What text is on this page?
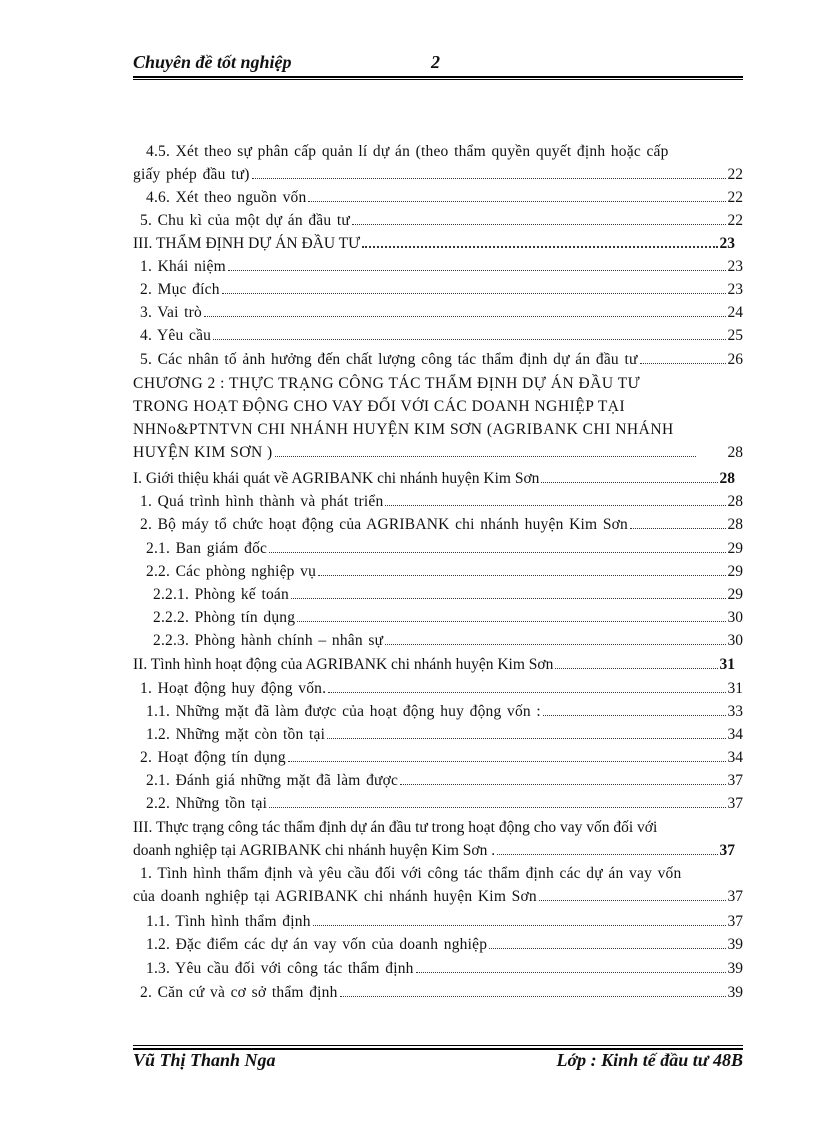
Chuyên đề tốt nghiệp	2
4.5. Xét theo sự phân cấp quản lí dự án (theo thẩm quyền quyết định hoặc cấp
giấy phép đầu tư)	22
4.6. Xét theo nguồn vốn	22
5. Chu kì của một dự án đầu tư	22
III. THẨM ĐỊNH DỰ ÁN ĐẦU TƯ	23
1. Khái niệm	23
2. Mục đích	23
3. Vai trò	24
4. Yêu cầu	25
5. Các nhân tố ảnh hưởng đến chất lượng công tác thẩm định dự án đầu tư	26
CHƯƠNG 2 : THỰC TRẠNG CÔNG TÁC THẨM ĐỊNH DỰ ÁN ĐẦU TƯ
TRONG HOẠT ĐỘNG CHO VAY ĐỐI VỚI CÁC DOANH NGHIỆP TẠI
NHNo&PTNTVN CHI NHÁNH HUYỆN KIM SƠN (AGRIBANK CHI NHÁNH
HUYỆN KIM SƠN )	28
I. Giới thiệu khái quát về AGRIBANK chi nhánh huyện Kim Sơn	28
1. Quá trình hình thành và phát triển	28
2. Bộ máy tổ chức hoạt động của AGRIBANK chi nhánh huyện Kim Sơn	28
2.1. Ban giám đốc	29
2.2. Các phòng nghiệp vụ	29
2.2.1. Phòng kế toán	29
2.2.2. Phòng tín dụng	30
2.2.3. Phòng hành chính – nhân sự	30
II. Tình hình hoạt động của AGRIBANK chi nhánh huyện Kim Sơn	31
1. Hoạt động huy động vốn.	31
1.1. Những mặt đã làm được của hoạt động huy động vốn :	33
1.2. Những mặt còn tồn tại	34
2. Hoạt động tín dụng	34
2.1. Đánh giá những mặt đã làm được	37
2.2. Những tồn tại	37
III. Thực trạng công tác thẩm định dự án đầu tư trong hoạt động cho vay vốn đối với
doanh nghiệp tại AGRIBANK chi nhánh huyện Kim Sơn .	37
1. Tình hình thẩm định và yêu cầu đối với công tác thẩm định các dự án vay vốn
của doanh nghiệp tại AGRIBANK chi nhánh huyện Kim Sơn	37
1.1. Tình hình thẩm định	37
1.2. Đặc điểm các dự án vay vốn của doanh nghiệp	39
1.3. Yêu cầu đối với công tác thẩm định	39
2. Căn cứ và cơ sở thẩm định	39
Vũ Thị Thanh Nga	Lớp : Kinh tế đầu tư 48B
